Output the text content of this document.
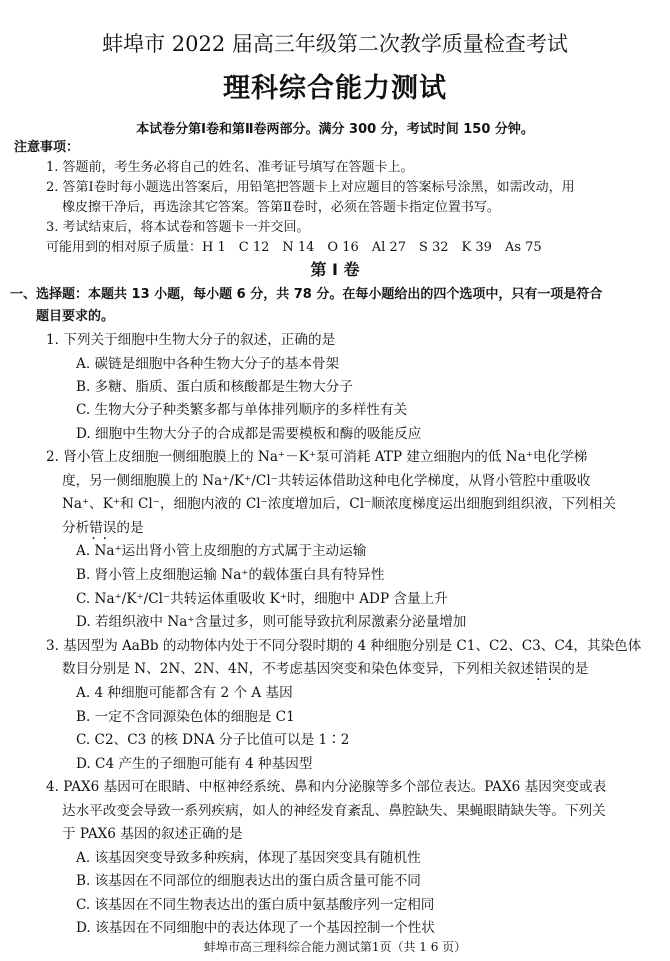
蚌埠市 2022 届高三年级第二次教学质量检查考试
理科综合能力测试
本试卷分第Ⅰ卷和第Ⅱ卷两部分。满分 300 分，考试时间 150 分钟。
注意事项：
1. 答题前，考生务必将自己的姓名、准考证号填写在答题卡上。
2. 答第Ⅰ卷时每小题选出答案后，用铅笔把答题卡上对应题目的答案标号涂黑，如需改动，用
橡皮擦干净后，再选涂其它答案。答第Ⅱ卷时，必须在答题卡指定位置书写。
3. 考试结束后，将本试卷和答题卡一并交回。
可能用到的相对原子质量：H 1　C 12　N 14　O 16　Al 27　S 32　K 39　As 75
第 Ⅰ 卷
一、选择题：本题共 13 小题，每小题 6 分，共 78 分。在每小题给出的四个选项中，只有一项是符合
题目要求的。
1. 下列关于细胞中生物大分子的叙述，正确的是
A. 碳链是细胞中各种生物大分子的基本骨架
B. 多糖、脂质、蛋白质和核酸都是生物大分子
C. 生物大分子种类繁多都与单体排列顺序的多样性有关
D. 细胞中生物大分子的合成都是需要模板和酶的吸能反应
2. 肾小管上皮细胞一侧细胞膜上的 Na⁺－K⁺泵可消耗 ATP 建立细胞内的低 Na⁺电化学梯
度，另一侧细胞膜上的 Na⁺/K⁺/Cl⁻共转运体借助这种电化学梯度，从肾小管腔中重吸收
Na⁺、K⁺和 Cl⁻，细胞内液的 Cl⁻浓度增加后，Cl⁻顺浓度梯度运出细胞到组织液，下列相关
分析错误 ··的是
A. Na⁺运出肾小管上皮细胞的方式属于主动运输
B. 肾小管上皮细胞运输 Na⁺的载体蛋白具有特异性
C. Na⁺/K⁺/Cl⁻共转运体重吸收 K⁺时，细胞中 ADP 含量上升
D. 若组织液中 Na⁺含量过多，则可能导致抗利尿激素分泌量增加
3. 基因型为 AaBb 的动物体内处于不同分裂时期的 4 种细胞分别是 C1、C2、C3、C4，其染色体
数目分别是 N、2N、2N、4N，不考虑基因突变和染色体变异，下列相关叙述错误 ··的是
A. 4 种细胞可能都含有 2 个 A 基因
B. 一定不含同源染色体的细胞是 C1
C. C2、C3 的核 DNA 分子比值可以是 1∶2
D. C4 产生的子细胞可能有 4 种基因型
4. PAX6 基因可在眼睛、中枢神经系统、鼻和内分泌腺等多个部位表达。PAX6 基因突变或表
达水平改变会导致一系列疾病，如人的神经发育紊乱、鼻腔缺失、果蝇眼睛缺失等。下列关
于 PAX6 基因的叙述正确的是
A. 该基因突变导致多种疾病，体现了基因突变具有随机性
B. 该基因在不同部位的细胞表达出的蛋白质含量可能不同
C. 该基因在不同生物表达出的蛋白质中氨基酸序列一定相同
D. 该基因在不同细胞中的表达体现了一个基因控制一个性状
蚌埠市高三理科综合能力测试第1页（共 1 6 页）
